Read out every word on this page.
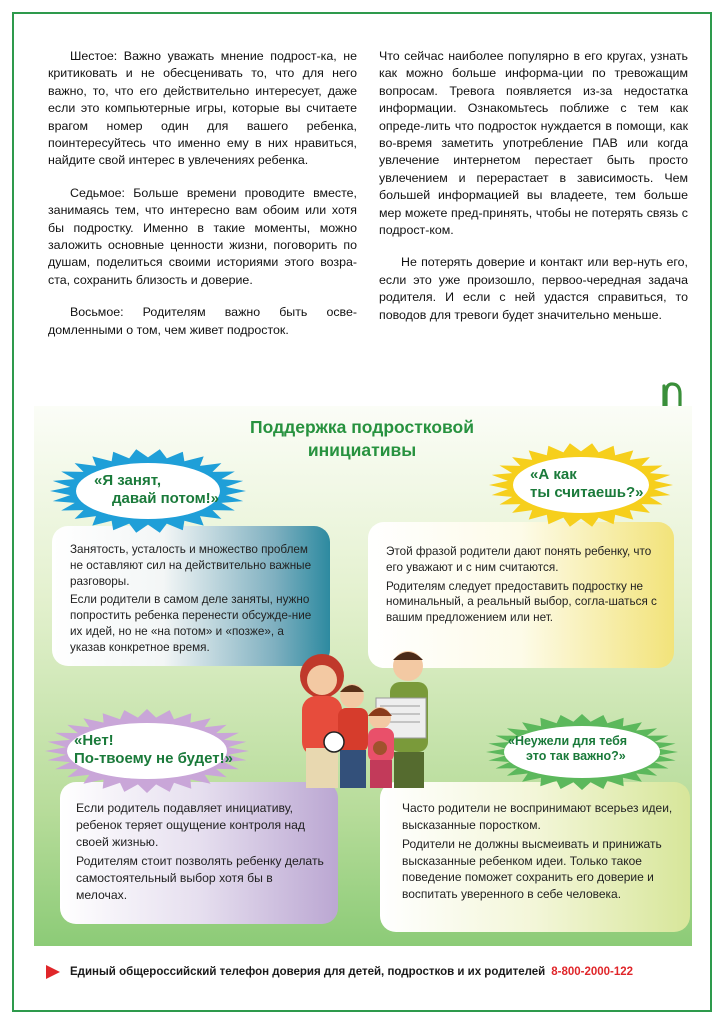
Шестое: Важно уважать мнение подрост-ка, не критиковать и не обесценивать то, что для него важно, то, что его действительно интересует, даже если это компьютерные игры, которые вы считаете врагом номер один для вашего ребенка, поинтересуйтесь что именно ему в них нравиться, найдите свой интерес в увлечениях ребенка.

Седьмое: Больше времени проводите вместе, занимаясь тем, что интересно вам обоим или хотя бы подростку. Именно в такие моменты, можно заложить основные ценности жизни, поговорить по душам, поделиться своими историями этого возра-ста, сохранить близость и доверие.

Восьмое: Родителям важно быть осве-домленными о том, чем живет подросток.

Что сейчас наиболее популярно в его кругах, узнать как можно больше информа-ции по тревожащим вопросам. Тревога появляется из-за недостатка информации. Ознакомьтесь поближе с тем как опреде-лить что подросток нуждается в помощи, как во-время заметить употребление ПАВ или когда увлечение интернетом перестает быть просто увлечением и перерастает в зависимость. Чем большей информацией вы владеете, тем больше мер можете пред-принять, чтобы не потерять связь с подрост-ком.

Не потерять доверие и контакт или вер-нуть его, если это уже произошло, первоо-чередная задача родителя. И если с ней удастся справиться, то поводов для тревоги будет значительно меньше.

Поддержка подростковой
инициативы

Занятость, усталость и множество проблем не оставляют сил на действительно важные разговоры.

Если родители в самом деле заняты, нужно попростить ребенка перенести обсужде-ние их идей, но не «на потом» и «позже», а указав конкретное время.

«Я занят,
давай потом!»

Этой фразой родители дают понять ребенку, что его уважают и с ним считаются.

Родителям следует предоставить подростку не номинальный, а реальный выбор, согла-шаться с вашим предложением или нет.

«А как
ты считаешь?»

Если родитель подавляет инициативу, ребенок теряет ощущение контроля над своей жизнью.

Родителям стоит позволять ребенку делать самостоятельный выбор хотя бы в мелочах.

«Нет!
По-твоему не будет!»

Часто родители не воспринимают всерьез идеи, высказанные поростком.

Родители не должны высмеивать и принижать высказанные ребенком идеи. Только такое поведение поможет сохранить его доверие и воспитать уверенного в себе человека.

«Неужели для тебя
это так важно?»
Единый общероссийский телефон доверия для детей, подростков и их родителей 8-800-2000-122
